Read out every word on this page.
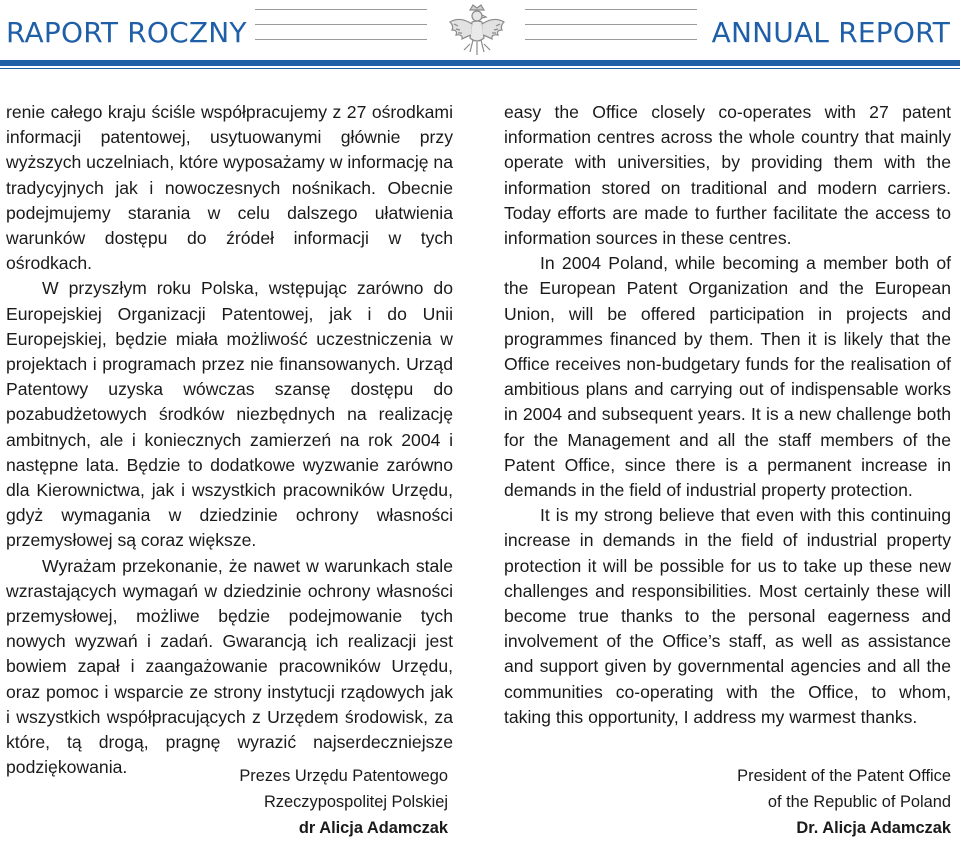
RAPORT ROCZNY	ANNUAL REPORT

renie całego kraju ściśle współpracujemy z 27 ośrodkami informacji patentowej, usytuowanymi głównie przy wyższych uczelniach, które wyposażamy w informację na tradycyjnych jak i nowoczesnych nośnikach. Obecnie podejmujemy starania w celu dalszego ułatwienia warunków dostępu do źródeł informacji w tych ośrodkach.

W przyszłym roku Polska, wstępując zarówno do Europejskiej Organizacji Patentowej, jak i do Unii Europejskiej, będzie miała możliwość uczestniczenia w projektach i programach przez nie finansowanych. Urząd Patentowy uzyska wówczas szansę dostępu do pozabudżetowych środków niezbędnych na realizację ambitnych, ale i koniecznych zamierzeń na rok 2004 i następne lata. Będzie to dodatkowe wyzwanie zarówno dla Kierownictwa, jak i wszystkich pracowników Urzędu, gdyż wymagania w dziedzinie ochrony własności przemysłowej są coraz większe.

Wyrażam przekonanie, że nawet w warunkach stale wzrastających wymagań w dziedzinie ochrony własności przemysłowej, możliwe będzie podejmowanie tych nowych wyzwań i zadań. Gwarancją ich realizacji jest bowiem zapał i zaangażowanie pracowników Urzędu, oraz pomoc i wsparcie ze strony instytucji rządowych jak i wszystkich współpracujących z Urzędem środowisk, za które, tą drogą, pragnę wyrazić najserdeczniejsze podziękowania.

easy the Office closely co-operates with 27 patent information centres across the whole country that mainly operate with universities, by providing them with the information stored on traditional and modern carriers. Today efforts are made to further facilitate the access to information sources in these centres.

In 2004 Poland, while becoming a member both of the European Patent Organization and the European Union, will be offered participation in projects and programmes financed by them. Then it is likely that the Office receives non-budgetary funds for the realisation of ambitious plans and carrying out of indispensable works in 2004 and subsequent years. It is a new challenge both for the Management and all the staff members of the Patent Office, since there is a permanent increase in demands in the field of industrial property protection.

It is my strong believe that even with this continuing increase in demands in the field of industrial property protection it will be possible for us to take up these new challenges and responsibilities. Most certainly these will become true thanks to the personal eagerness and involvement of the Office’s staff, as well as assistance and support given by governmental agencies and all the communities co-operating with the Office, to whom, taking this opportunity, I address my warmest thanks.

Prezes Urzędu Patentowego
Rzeczypospolitej Polskiej
dr Alicja Adamczak
President of the Patent Office
of the Republic of Poland
Dr. Alicja Adamczak
